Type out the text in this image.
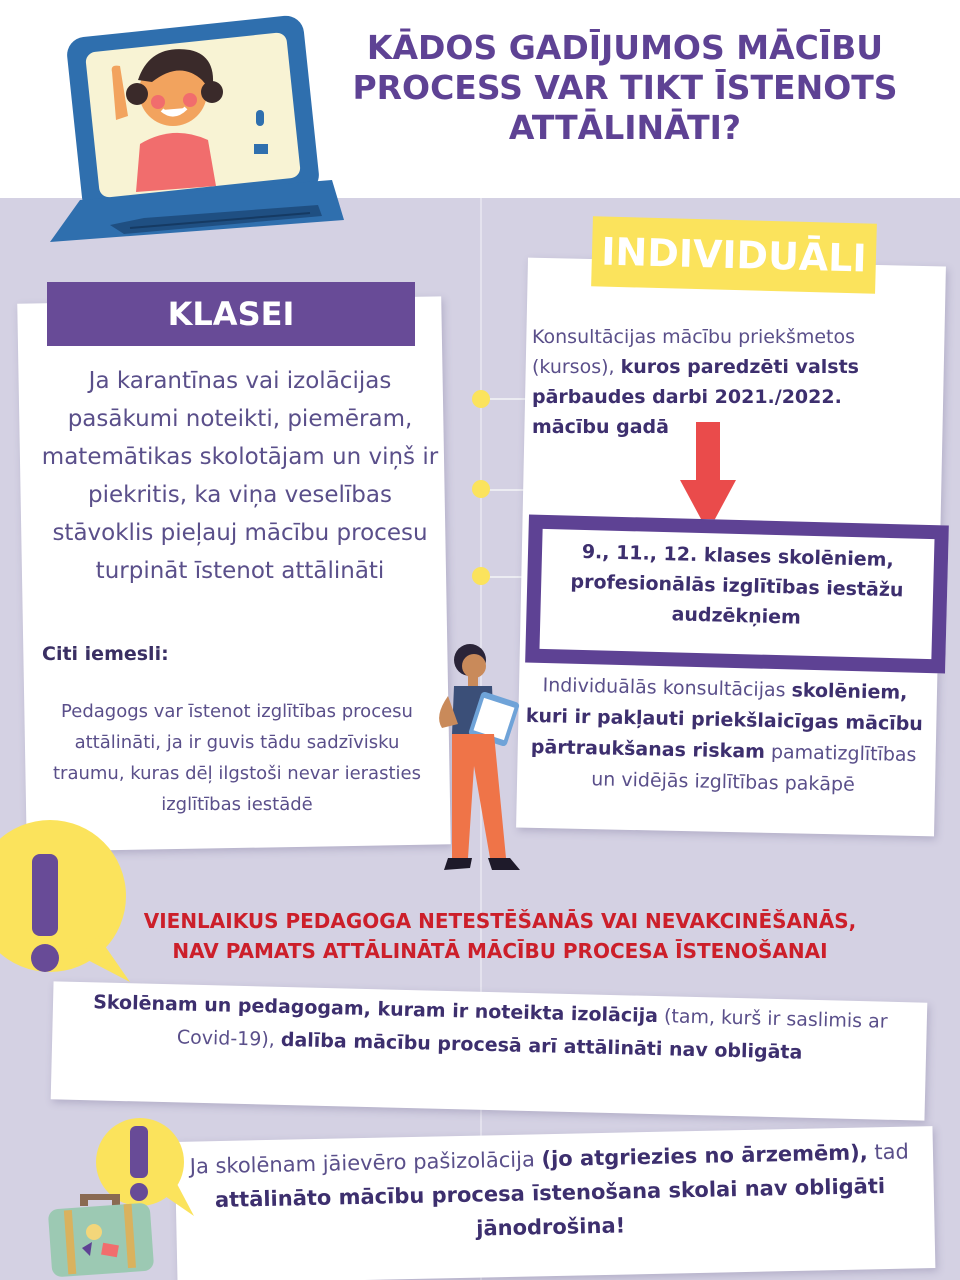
KĀDOS GADĪJUMOS MĀCĪBU PROCESS VAR TIKT ĪSTENOTS ATTĀLINĀTI?
KLASEI
Ja karantīnas vai izolācijas pasākumi noteikti, piemēram, matemātikas skolotājam un viņš ir piekritis, ka viņa veselības stāvoklis pieļauj mācību procesu turpināt īstenot attālināti
Citi iemesli:
Pedagogs var īstenot izglītības procesu attālināti, ja ir guvis tādu sadzīvisku traumu, kuras dēļ ilgstoši nevar ierasties izglītības iestādē
INDIVIDUĀLI
Konsultācijas mācību priekšmetos (kursos), kuros paredzēti valsts pārbaudes darbi 2021./2022. mācību gadā
9., 11., 12. klases skolēniem, profesionālās izglītības iestāžu audzēkņiem
Individuālās konsultācijas skolēniem, kuri ir pakļauti priekšlaicīgas mācību pārtraukšanas riskam pamatizglītības un vidējās izglītības pakāpē
VIENLAIKUS PEDAGOGA NETESTĒŠANĀS VAI NEVAKCINĒŠANĀS,
NAV PAMATS ATTĀLINĀTĀ MĀCĪBU PROCESA ĪSTENOŠANAI
Skolēnam un pedagogam, kuram ir noteikta izolācija (tam, kurš ir saslimis ar Covid-19), dalība mācību procesā arī attālināti nav obligāta
Ja skolēnam jāievēro pašizolācija (jo atgriezies no ārzemēm), tad attālināto mācību procesa īstenošana skolai nav obligāti jānodrošina!
